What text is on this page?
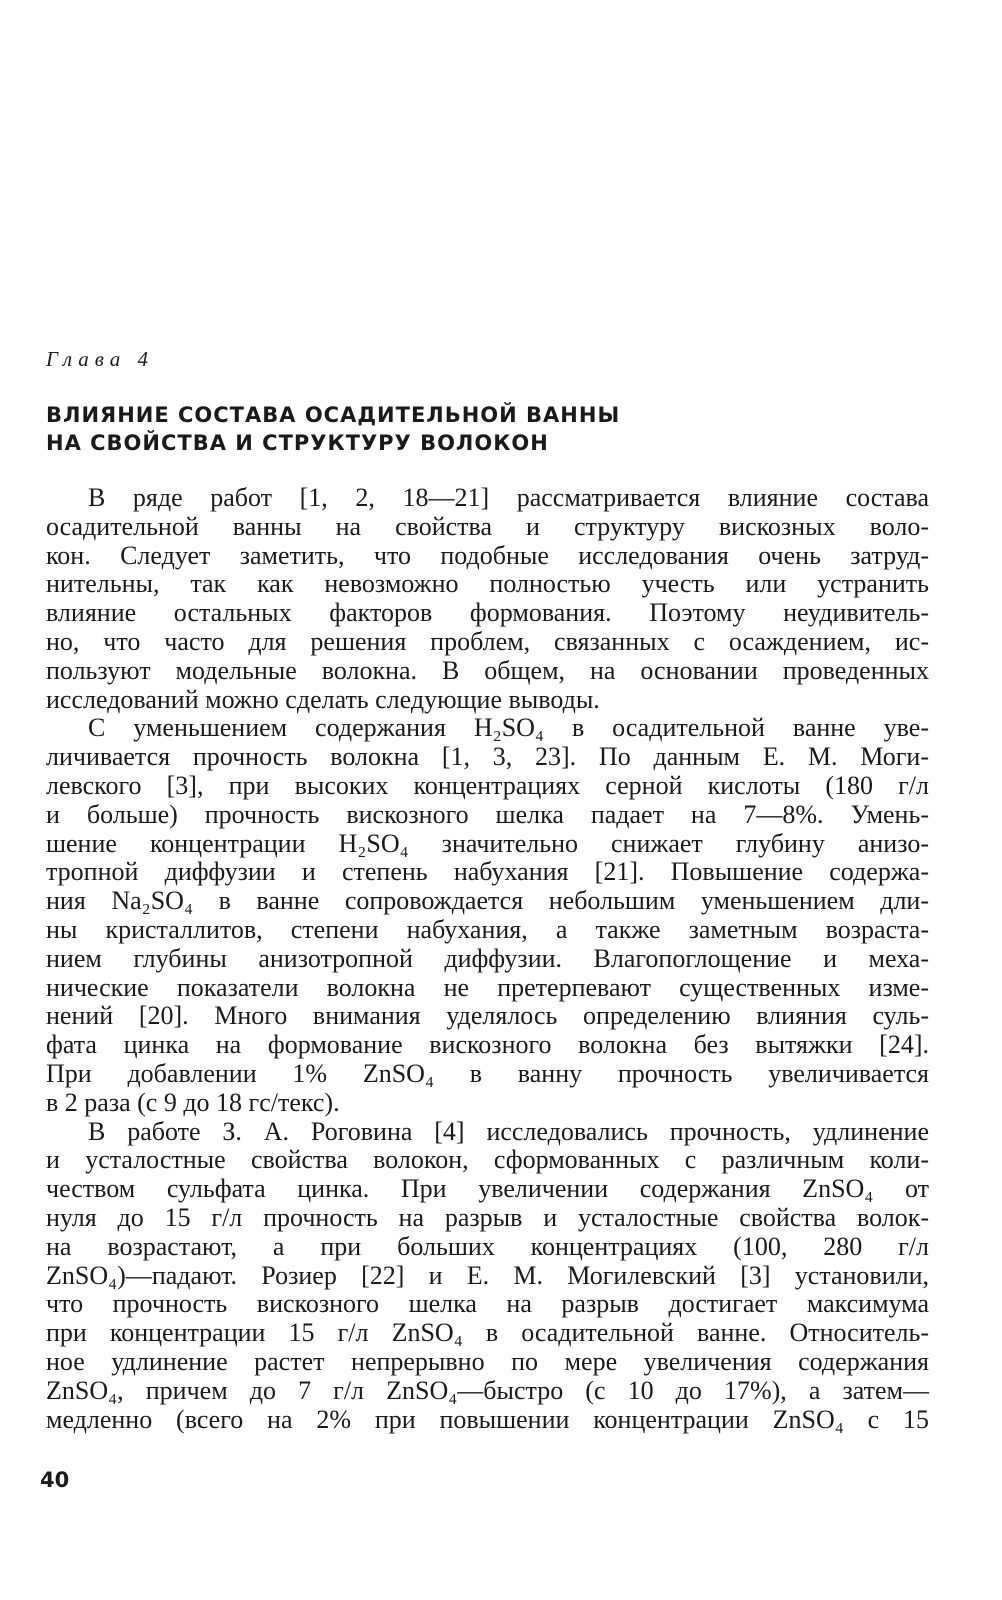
Глава 4
ВЛИЯНИЕ СОСТАВА ОСАДИТЕЛЬНОЙ ВАННЫ
НА СВОЙСТВА И СТРУКТУРУ ВОЛОКОН
В ряде работ [1, 2, 18—21] рассматривается влияние состава
осадительной ванны на свойства и структуру вискозных воло-
кон. Следует заметить, что подобные исследования очень затруд-
нительны, так как невозможно полностью учесть или устранить
влияние остальных факторов формования. Поэтому неудивитель-
но, что часто для решения проблем, связанных с осаждением, ис-
пользуют модельные волокна. В общем, на основании проведенных
исследований можно сделать следующие выводы.
С уменьшением содержания H₂SO₄ в осадительной ванне уве-
личивается прочность волокна [1, 3, 23]. По данным Е. М. Моги-
левского [3], при высоких концентрациях серной кислоты (180 г/л
и больше) прочность вискозного шелка падает на 7—8%. Умень-
шение концентрации H₂SO₄ значительно снижает глубину анизо-
тропной диффузии и степень набухания [21]. Повышение содержа-
ния Na₂SO₄ в ванне сопровождается небольшим уменьшением дли-
ны кристаллитов, степени набухания, а также заметным возраста-
нием глубины анизотропной диффузии. Влагопоглощение и меха-
нические показатели волокна не претерпевают существенных изме-
нений [20]. Много внимания уделялось определению влияния суль-
фата цинка на формование вискозного волокна без вытяжки [24].
При добавлении 1% ZnSO₄ в ванну прочность увеличивается
в 2 раза (с 9 до 18 гс/текс).
В работе З. А. Роговина [4] исследовались прочность, удлинение
и усталостные свойства волокон, сформованных с различным коли-
чеством сульфата цинка. При увеличении содержания ZnSO₄ от
нуля до 15 г/л прочность на разрыв и усталостные свойства волок-
на возрастают, а при больших концентрациях (100, 280 г/л
ZnSO₄)—падают. Розиер [22] и Е. М. Могилевский [3] установили,
что прочность вискозного шелка на разрыв достигает максимума
при концентрации 15 г/л ZnSO₄ в осадительной ванне. Относитель-
ное удлинение растет непрерывно по мере увеличения содержания
ZnSO₄, причем до 7 г/л ZnSO₄—быстро (с 10 до 17%), а затем—
медленно (всего на 2% при повышении концентрации ZnSO₄ с 15
40
